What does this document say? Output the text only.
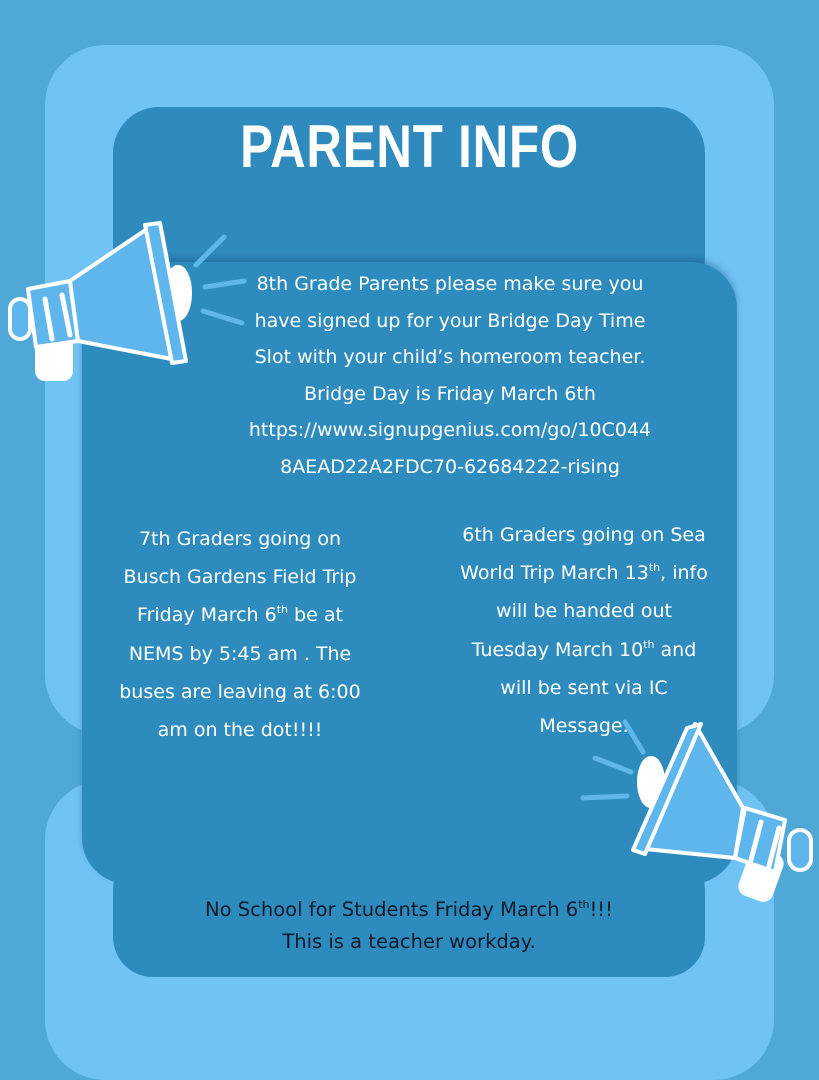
PARENT INFO

8th Grade Parents please make sure you

have signed up for your Bridge Day Time

Slot with your child’s homeroom teacher.

Bridge Day is Friday March 6th

https://www.signupgenius.com/go/10C044

8AEAD22A2FDC70-62684222-rising

7th Graders going on

Busch Gardens Field Trip

Friday March 6th be at

NEMS by 5:45 am . The

buses are leaving at 6:00

am on the dot!!!!

6th Graders going on Sea

World Trip March 13th, info

will be handed out

Tuesday March 10th and

will be sent via IC

Message.

No School for Students Friday March 6th!!!

This is a teacher workday.
